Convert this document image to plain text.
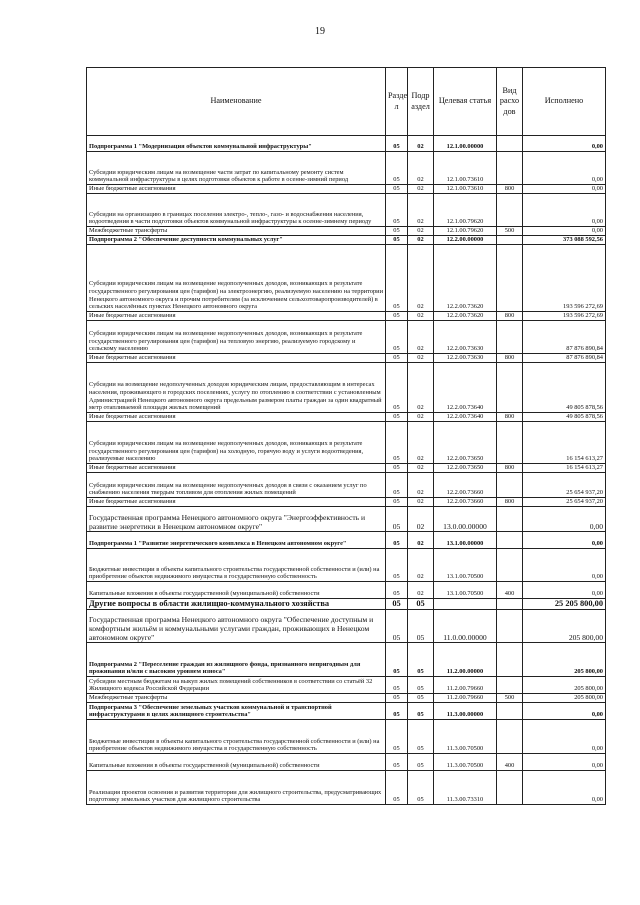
19
Наименование	Разде л	Подр аздел	Целевая статья	Вид расхо дов	Исполнено
Подпрограмма 1 "Модернизация объектов коммунальной инфраструктуры"	05	02	12.1.00.00000		0,00
Субсидии юридическим лицам на возмещение части затрат по капитальному ремонту систем коммунальной инфраструктуры в целях подготовки объектов к работе в осенне-зимний период	05	02	12.1.00.73610		0,00
Иные бюджетные ассигнования	05	02	12.1.00.73610	800	0,00
Субсидии на организацию в границах поселения электро-, тепло-, газо- и водоснабжения населения, водоотведения в части подготовки объектов коммунальной инфраструктуры к осенне-зимнему периоду	05	02	12.1.00.79620		0,00
Межбюджетные трансферты	05	02	12.1.00.79620	500	0,00
Подпрограмма 2 "Обеспечение доступности коммунальных услуг"	05	02	12.2.00.00000		373 088 592,56
Субсидии юридическим лицам на возмещение недополученных доходов, возникающих в результате государственного регулирования цен (тарифов) на электроэнергию, реализуемую населению на территории Ненецкого автономного округа и прочим потребителям (за исключением сельхозтоваропроизводителей) в сельских населённых пунктах Ненецкого автономного округа	05	02	12.2.00.73620		193 596 272,69
Иные бюджетные ассигнования	05	02	12.2.00.73620	800	193 596 272,69
Субсидии юридическим лицам на возмещение недополученных доходов, возникающих в результате государственного регулирования цен (тарифов) на тепловую энергию, реализуемую городскому и сельскому населению	05	02	12.2.00.73630		87 876 890,84
Иные бюджетные ассигнования	05	02	12.2.00.73630	800	87 876 890,84
Субсидии на возмещение недополученных доходов юридическим лицам, предоставляющим в интересах населения, проживающего в городских поселениях, услугу по отоплению в соответствии с установленным Администрацией Ненецкого автономного округа предельным размером платы граждан за один квадратный метр отапливаемой площади жилых помещений	05	02	12.2.00.73640		49 805 878,56
Иные бюджетные ассигнования	05	02	12.2.00.73640	800	49 805 878,56
Субсидии юридическим лицам на возмещение недополученных доходов, возникающих в результате государственного регулирования цен (тарифов) на холодную, горячую воду и услуги водоотведения, реализуемые населению	05	02	12.2.00.73650		16 154 613,27
Иные бюджетные ассигнования	05	02	12.2.00.73650	800	16 154 613,27
Субсидии юридическим лицам на возмещение недополученных доходов в связи с оказанием услуг по снабжению населения твердым топливом для отопления жилых помещений	05	02	12.2.00.73660		25 654 937,20
Иные бюджетные ассигнования	05	02	12.2.00.73660	800	25 654 937,20
Государственная программа Ненецкого автономного округа "Энергоэффективность и развитие энергетики в Ненецком автономном округе"	05	02	13.0.00.00000		0,00
Подпрограмма 1 "Развитие энергетического комплекса в Ненецком автономном округе"	05	02	13.1.00.00000		0,00
Бюджетные инвестиции в объекты капитального строительства государственной собственности и (или) на приобретение объектов недвижимого имущества в государственную собственность	05	02	13.1.00.70500		0,00
Капитальные вложения в объекты государственной (муниципальной) собственности	05	02	13.1.00.70500	400	0,00
Другие вопросы в области жилищно-коммунального хозяйства	05	05			25 205 800,00
Государственная программа Ненецкого автономного округа "Обеспечение доступным и комфортным жильём и коммунальными услугами граждан, проживающих в Ненецком автономном округе"	05	05	11.0.00.00000		205 800,00
Подпрограмма 2 "Переселение граждан из жилищного фонда, признанного непригодным для проживания и/или с высоким уровнем износа"	05	05	11.2.00.00000		205 800,00
Субсидии местным бюджетам на выкуп жилых помещений собственников в соответствии со статьёй 32 Жилищного кодекса Российской Федерации	05	05	11.2.00.79660		205 800,00
Межбюджетные трансферты	05	05	11.2.00.79660	500	205 800,00
Подпрограмма 3 "Обеспечение земельных участков коммунальной и транспортной инфраструктурами в целях жилищного строительства"	05	05	11.3.00.00000		0,00
Бюджетные инвестиции в объекты капитального строительства государственной собственности и (или) на приобретение объектов недвижимого имущества в государственную собственность	05	05	11.3.00.70500		0,00
Капитальные вложения в объекты государственной (муниципальной) собственности	05	05	11.3.00.70500	400	0,00
Реализация проектов освоения и развития территории для жилищного строительства, предусматривающих подготовку земельных участков для жилищного строительства	05	05	11.3.00.73310		0,00
